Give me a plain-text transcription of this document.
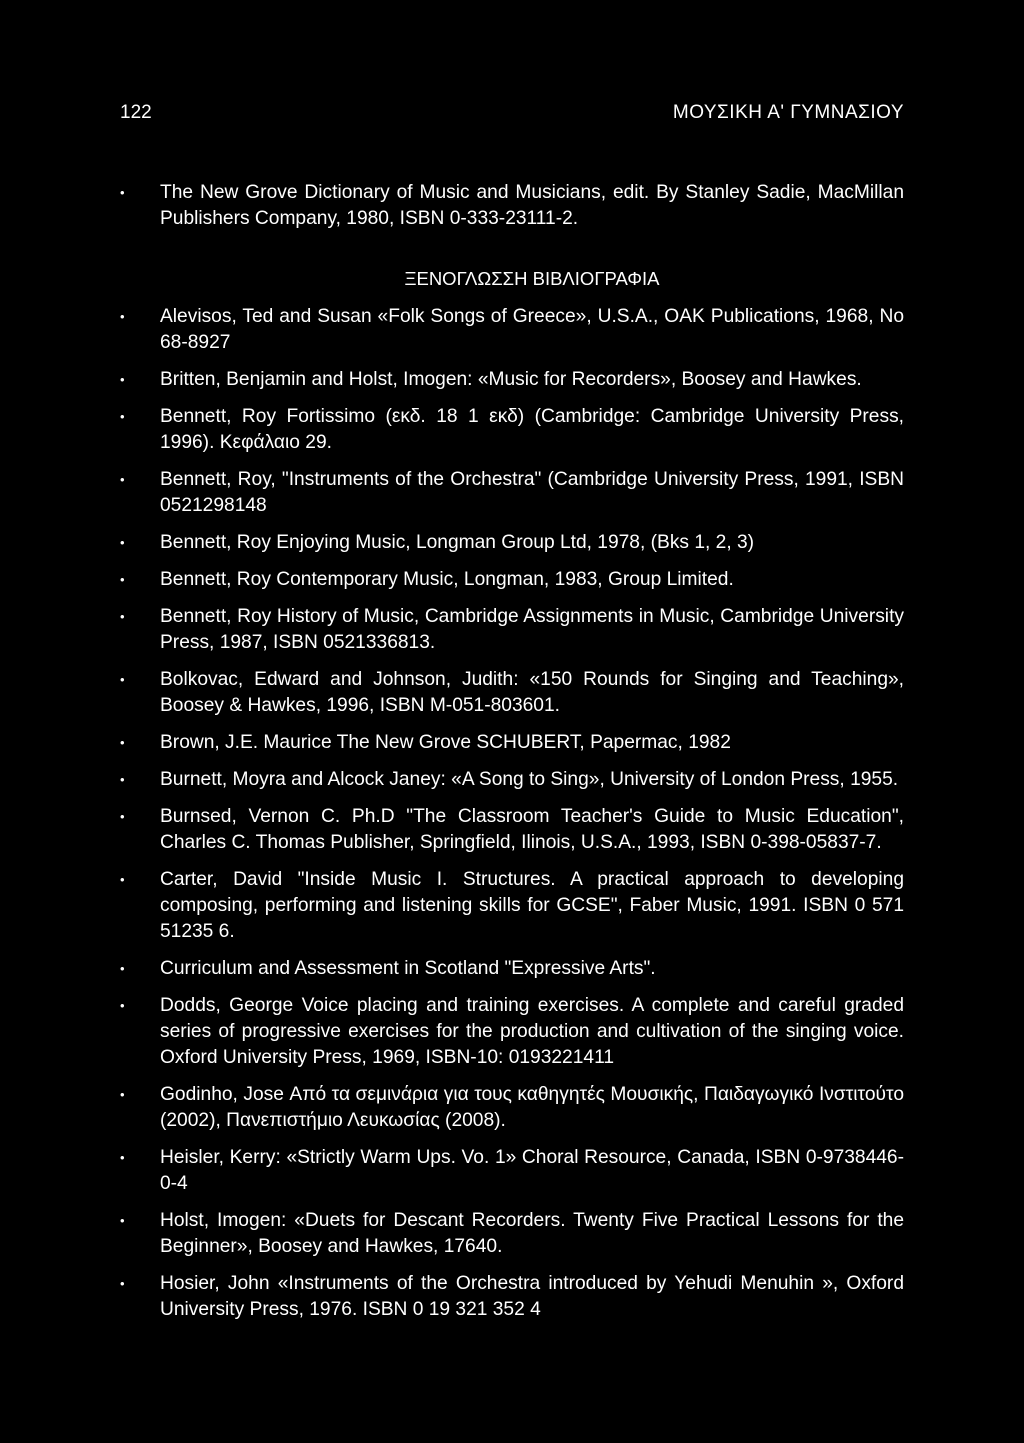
122	ΜΟΥΣΙΚΗ Α' ΓΥΜΝΑΣΙΟΥ
• The New Grove Dictionary of Music and Musicians, edit. By Stanley Sadie, MacMillan Publishers Company, 1980, ISBN 0-333-23111-2.
ΞΕΝΟΓΛΩΣΣΗ ΒΙΒΛΙΟΓΡΑΦΙΑ
• Alevisos, Ted and Susan «Folk Songs of Greece», U.S.A., OAK Publications, 1968, No 68-8927
• Britten, Benjamin and Holst, Imogen: «Music for Recorders», Boosey and Hawkes.
• Bennett, Roy Fortissimo (εκδ. 18 1 εκδ) (Cambridge: Cambridge University Press, 1996). Κεφάλαιο 29.
• Bennett, Roy, "Instruments of the Orchestra" (Cambridge University Press, 1991, ISBN 0521298148
• Bennett, Roy Enjoying Music, Longman Group Ltd, 1978, (Bks 1, 2, 3)
• Bennett, Roy Contemporary Music, Longman, 1983, Group Limited.
• Bennett, Roy History of Music, Cambridge Assignments in Music, Cambridge University Press, 1987, ISBN 0521336813.
• Bolkovac, Edward and Johnson, Judith: «150 Rounds for Singing and Teaching», Boosey & Hawkes, 1996, ISBN M-051-803601.
• Brown, J.E. Maurice The New Grove SCHUBERT, Papermac, 1982
• Burnett, Moyra and Alcock Janey: «A Song to Sing», University of London Press, 1955.
• Burnsed, Vernon C. Ph.D "The Classroom Teacher's Guide to Music Education", Charles C. Thomas Publisher, Springfield, Ilinois, U.S.A., 1993, ISBN 0-398-05837-7.
• Carter, David "Inside Music I. Structures. A practical approach to developing composing, performing and listening skills for GCSE", Faber Music, 1991. ISBN 0 571 51235 6.
• Curriculum and Assessment in Scotland "Expressive Arts".
• Dodds, George Voice placing and training exercises. A complete and careful graded series of progressive exercises for the production and cultivation of the singing voice. Oxford University Press, 1969, ISBN-10: 0193221411
• Godinho, Jose Από τα σεμινάρια για τους καθηγητές Μουσικής, Παιδαγωγικό Ινστιτούτο (2002), Πανεπιστήμιο Λευκωσίας (2008).
• Heisler, Kerry: «Strictly Warm Ups. Vo. 1» Choral Resource, Canada, ISBN 0-9738446-0-4
• Holst, Imogen: «Duets for Descant Recorders. Twenty Five Practical Lessons for the Beginner», Boosey and Hawkes, 17640.
• Hosier, John «Instruments of the Orchestra introduced by Yehudi Menuhin », Oxford University Press, 1976. ISBN 0 19 321 352 4
